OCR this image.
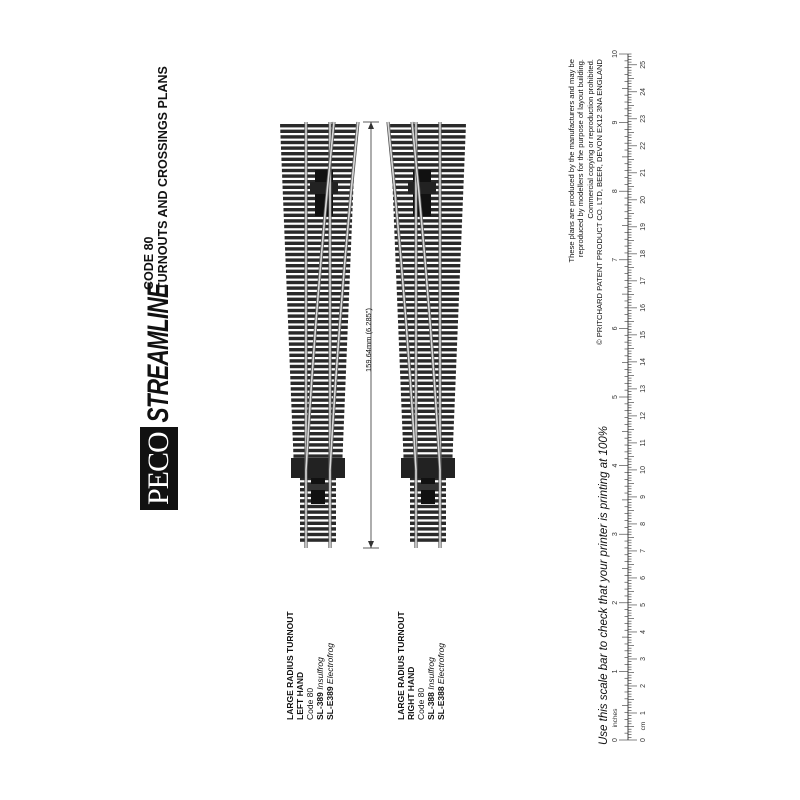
PECO
STREAMLINE
CODE 80 TURNOUTS AND CROSSINGS PLANS
159.64mm (6.285")
LARGE RADIUS TURNOUT LEFT HAND Code 80 SL-389 Insulfrog
SL-E389 Electrofrog	LARGE RADIUS TURNOUT RIGHT HAND Code 80 SL-388 Insulfrog
SL-E388 Electrofrog
These plans are produced by the manufacturers and may be reproduced by modellers for the purpose of layout building. Commercial copying or reproduction prohibited. © PRITCHARD PATENT PRODUCT CO. LTD, BEER, DEVON EX12 3NA ENGLAND
Use this scale bar to check that your printer is printing at 100% 0
1
2
3
4
5
6
7
8
9
10
0
1
2
3
4
5
6
7
8
9
10
11
12
13
14
15
16
17
18
19
20
21
22
23
24
25
inches	cm
